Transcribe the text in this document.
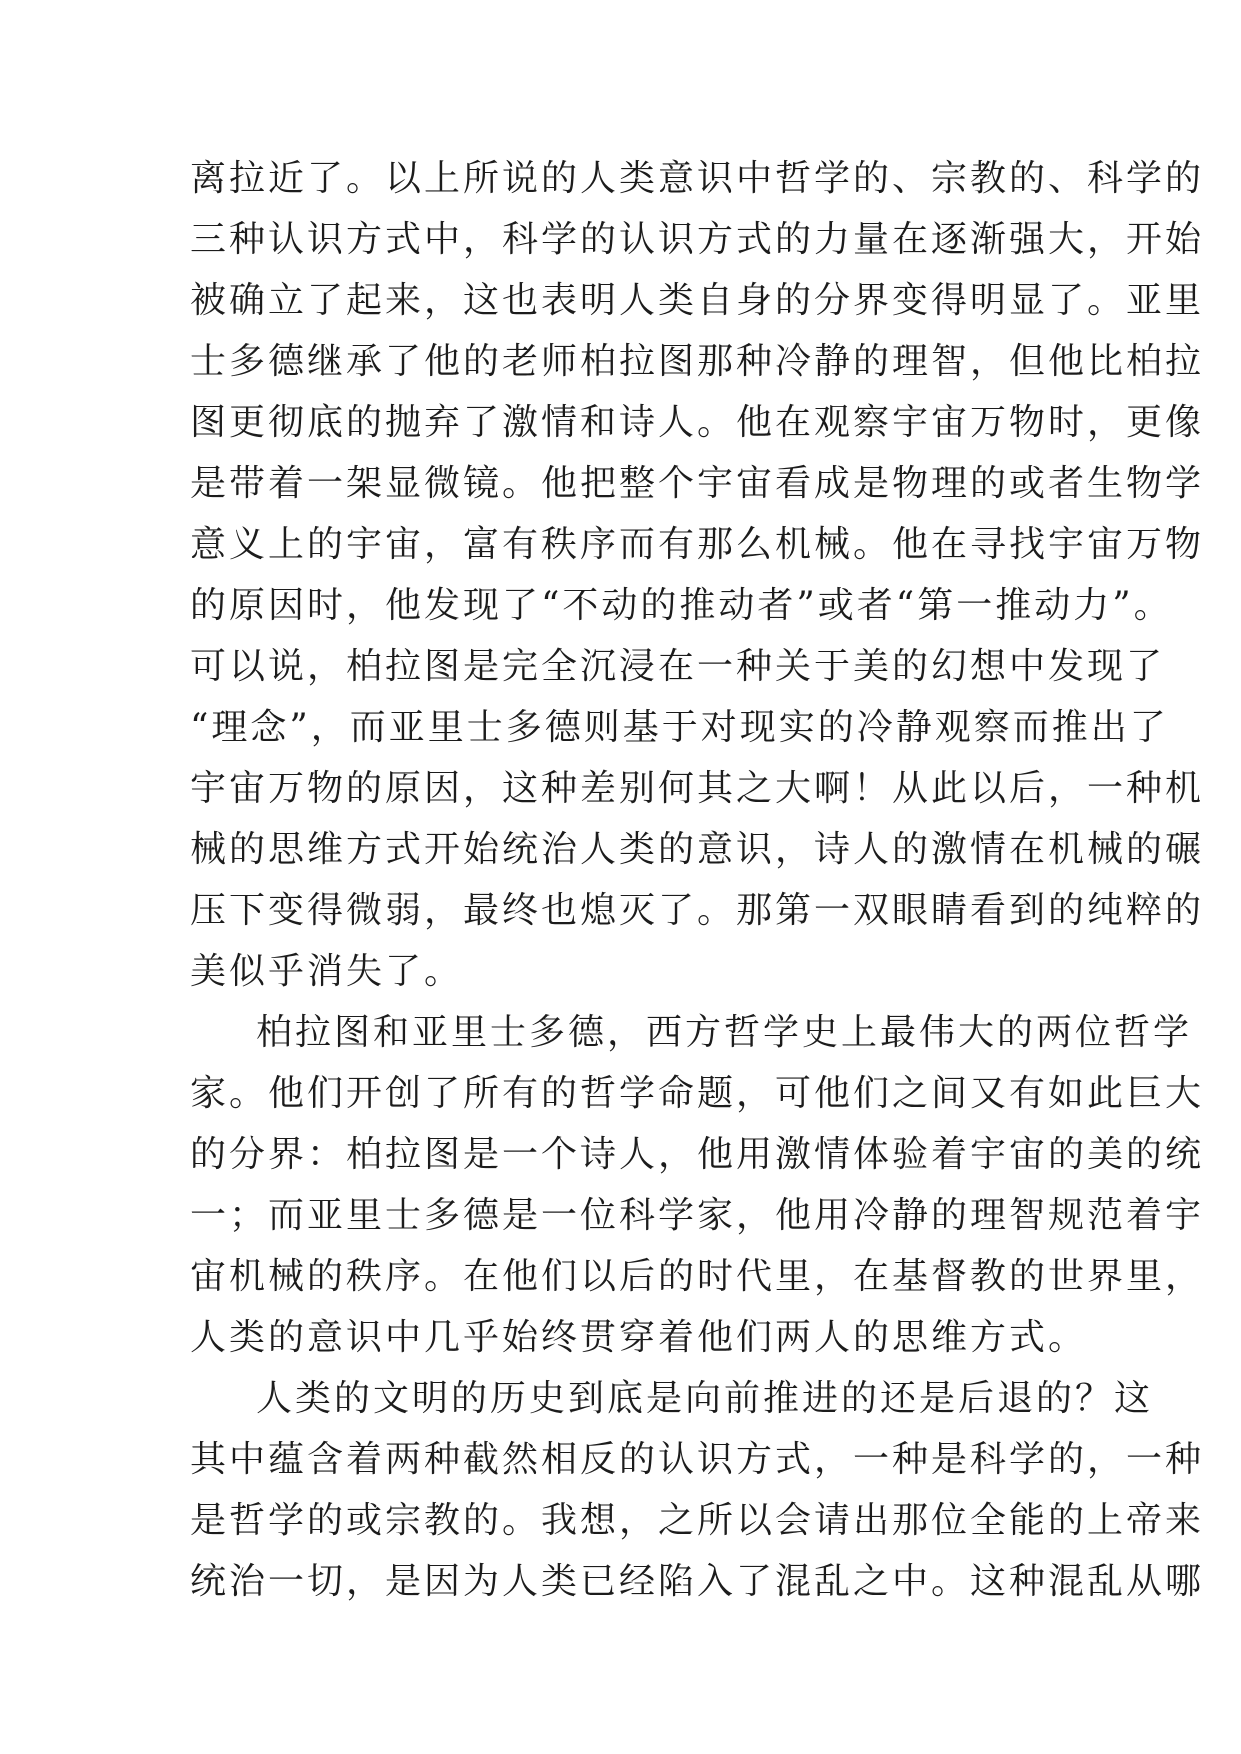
离拉近了。以上所说的人类意识中哲学的、宗教的、科学的
三种认识方式中，科学的认识方式的力量在逐渐强大，开始
被确立了起来，这也表明人类自身的分界变得明显了。亚里
士多德继承了他的老师柏拉图那种冷静的理智，但他比柏拉
图更彻底的抛弃了激情和诗人。他在观察宇宙万物时，更像
是带着一架显微镜。他把整个宇宙看成是物理的或者生物学
意义上的宇宙，富有秩序而有那么机械。他在寻找宇宙万物
的原因时，他发现了“不动的推动者”或者“第一推动力”。
可以说，柏拉图是完全沉浸在一种关于美的幻想中发现了
“理念”，而亚里士多德则基于对现实的冷静观察而推出了
宇宙万物的原因，这种差别何其之大啊！从此以后，一种机
械的思维方式开始统治人类的意识，诗人的激情在机械的碾
压下变得微弱，最终也熄灭了。那第一双眼睛看到的纯粹的
美似乎消失了。
柏拉图和亚里士多德，西方哲学史上最伟大的两位哲学
家。他们开创了所有的哲学命题，可他们之间又有如此巨大
的分界：柏拉图是一个诗人，他用激情体验着宇宙的美的统
一；而亚里士多德是一位科学家，他用冷静的理智规范着宇
宙机械的秩序。在他们以后的时代里，在基督教的世界里，
人类的意识中几乎始终贯穿着他们两人的思维方式。
人类的文明的历史到底是向前推进的还是后退的？这
其中蕴含着两种截然相反的认识方式，一种是科学的，一种
是哲学的或宗教的。我想，之所以会请出那位全能的上帝来
统治一切，是因为人类已经陷入了混乱之中。这种混乱从哪
